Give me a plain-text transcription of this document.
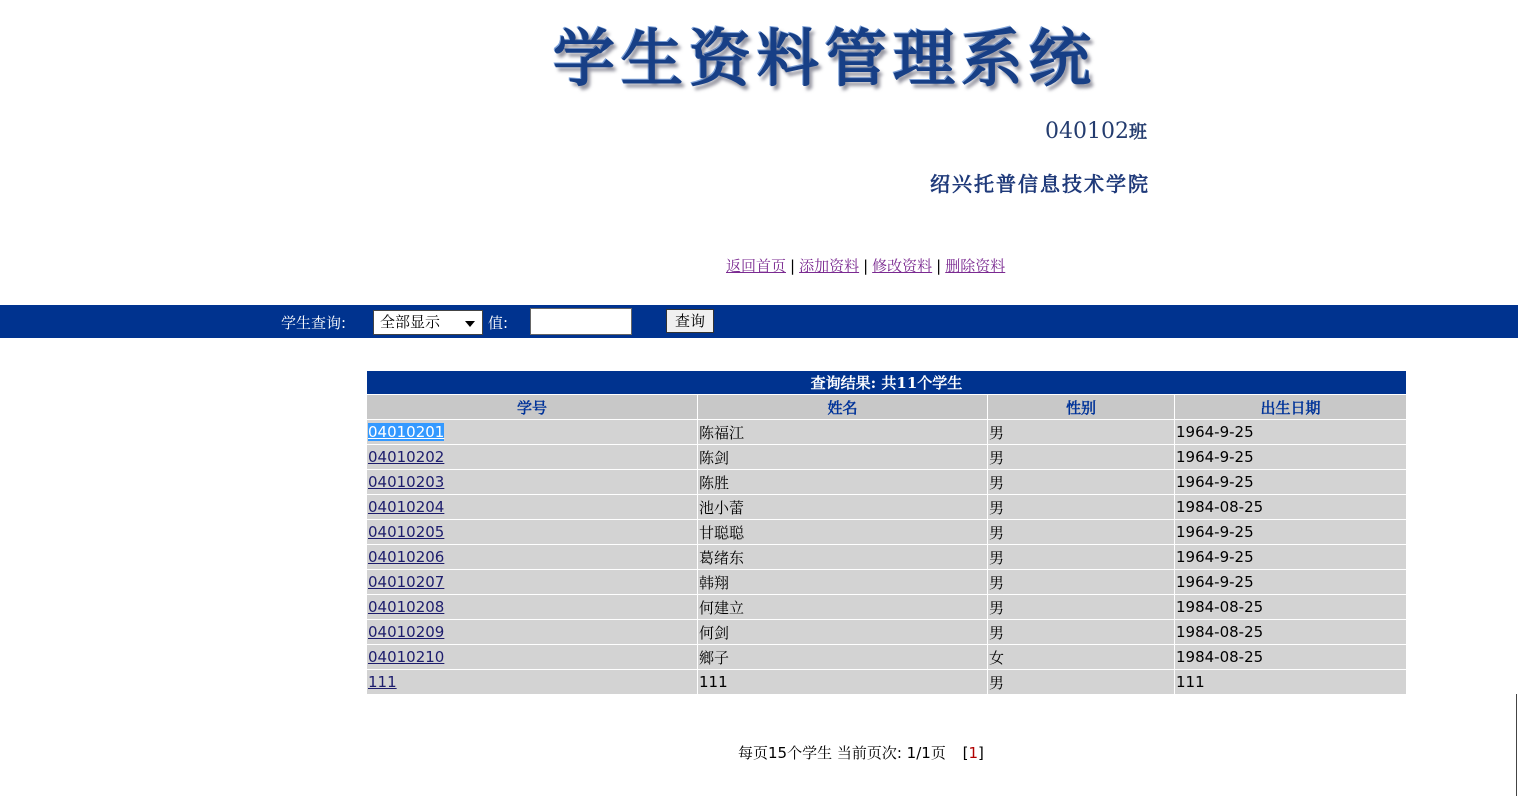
学生资料管理系统
040102班
绍兴托普信息技术学院
返回首页 | 添加资料 | 修改资料 | 删除资料
学生查询:	全部显示	值:	查询
查询结果: 共11个学生			
学号	姓名	性别	出生日期
04010201	陈福江	男	1964-9-25
04010202	陈剑	男	1964-9-25
04010203	陈胜	男	1964-9-25
04010204	池小蕾	男	1984-08-25
04010205	甘聪聪	男	1964-9-25
04010206	葛绪东	男	1964-9-25
04010207	韩翔	男	1964-9-25
04010208	何建立	男	1984-08-25
04010209	何剑	男	1984-08-25
04010210	鄉子	女	1984-08-25
111	111	男	111
每页15个学生 当前页次: 1/1页 [1]
